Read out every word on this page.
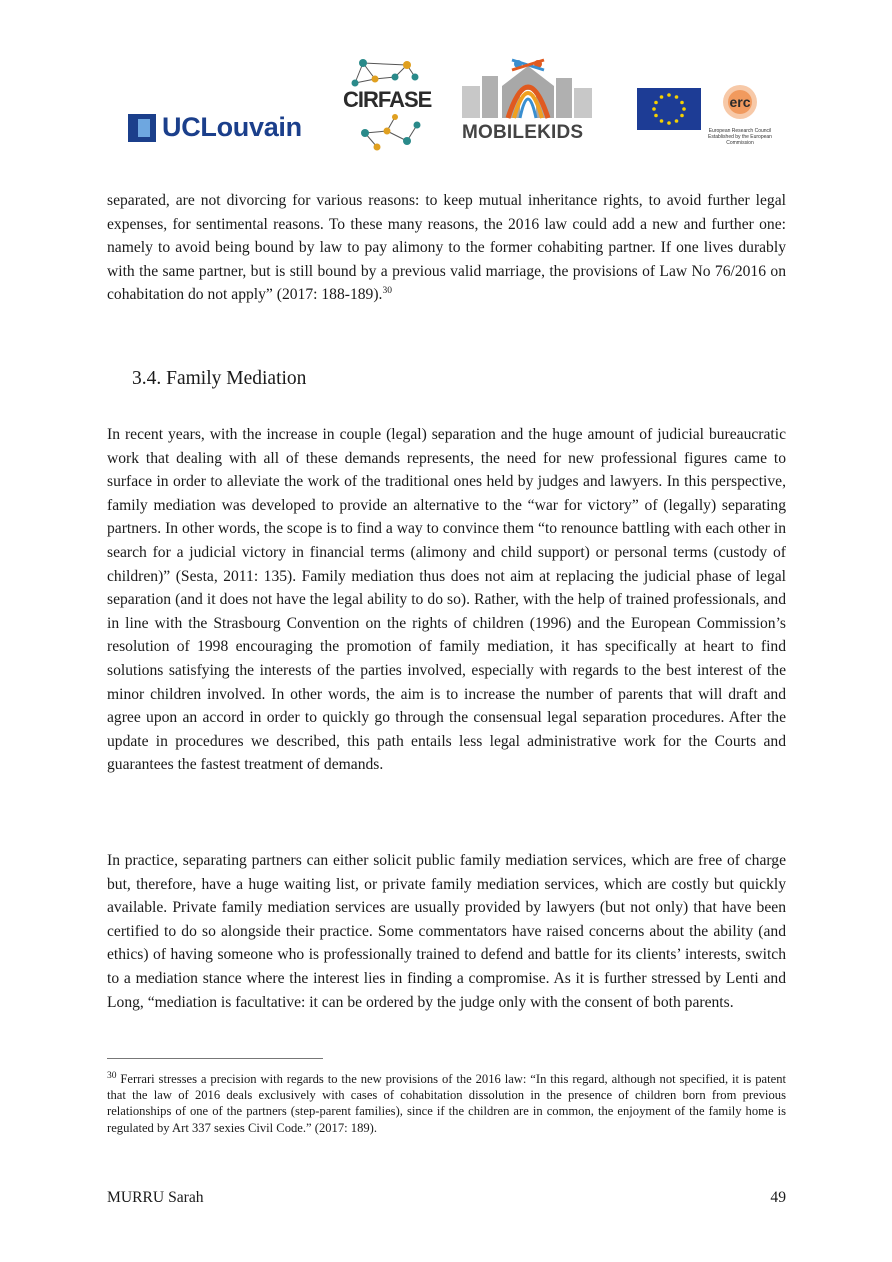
UCLouvain
CIRFASE
MOBILEKIDS
erc
European Research Council
Established by the European Commission

separated, are not divorcing for various reasons: to keep mutual inheritance rights, to avoid further legal expenses, for sentimental reasons. To these many reasons, the 2016 law could add a new and further one: namely to avoid being bound by law to pay alimony to the former cohabiting partner. If one lives durably with the same partner, but is still bound by a previous valid marriage, the provisions of Law No 76/2016 on cohabitation do not apply” (2017: 188-189).$^{30}$

3.4. Family Mediation

In recent years, with the increase in couple (legal) separation and the huge amount of judicial bureaucratic work that dealing with all of these demands represents, the need for new professional figures came to surface in order to alleviate the work of the traditional ones held by judges and lawyers. In this perspective, family mediation was developed to provide an alternative to the “war for victory” of (legally) separating partners. In other words, the scope is to find a way to convince them “to renounce battling with each other in search for a judicial victory in financial terms (alimony and child support) or personal terms (custody of children)” (Sesta, 2011: 135). Family mediation thus does not aim at replacing the judicial phase of legal separation (and it does not have the legal ability to do so). Rather, with the help of trained professionals, and in line with the Strasbourg Convention on the rights of children (1996) and the European Commission’s resolution of 1998 encouraging the promotion of family mediation, it has specifically at heart to find solutions satisfying the interests of the parties involved, especially with regards to the best interest of the minor children involved. In other words, the aim is to increase the number of parents that will draft and agree upon an accord in order to quickly go through the consensual legal separation procedures. After the update in procedures we described, this path entails less legal administrative work for the Courts and guarantees the fastest treatment of demands.

In practice, separating partners can either solicit public family mediation services, which are free of charge but, therefore, have a huge waiting list, or private family mediation services, which are costly but quickly available. Private family mediation services are usually provided by lawyers (but not only) that have been certified to do so alongside their practice. Some commentators have raised concerns about the ability (and ethics) of having someone who is professionally trained to defend and battle for its clients’ interests, switch to a mediation stance where the interest lies in finding a compromise. As it is further stressed by Lenti and Long, “mediation is facultative: it can be ordered by the judge only with the consent of both parents.

$^{30}$ Ferrari stresses a precision with regards to the new provisions of the 2016 law: “In this regard, although not specified, it is patent that the law of 2016 deals exclusively with cases of cohabitation dissolution in the presence of children born from previous relationships of one of the partners (step-parent families), since if the children are in common, the enjoyment of the family home is regulated by Art 337 sexies Civil Code.” (2017: 189).

MURRU Sarah	49
